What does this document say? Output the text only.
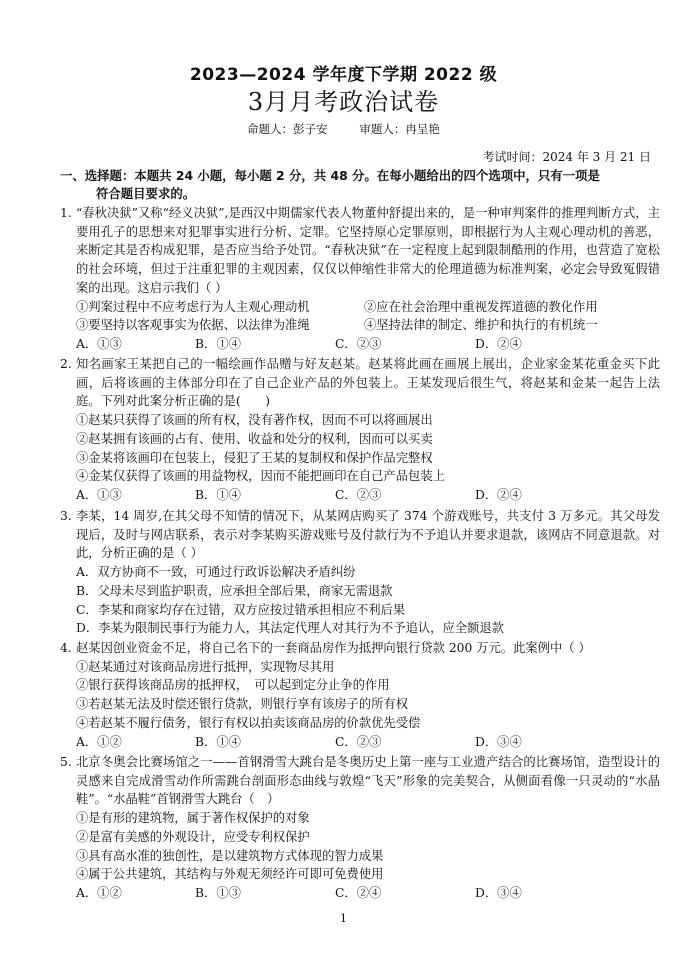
2023—2024 学年度下学期 2022 级
3月月考政治试卷
命题人：彭子安	审题人：冉呈艳
考试时间：2024 年 3 月 21 日
一、选择题：本题共 24 小题，每小题 2 分，共 48 分。在每小题给出的四个选项中，只有一项是
符合题目要求的。
1. “春秋决狱”又称“经义决狱”,是西汉中期儒家代表人物董仲舒提出来的，是一种审判案件的推理判断方式，主要用孔子的思想来对犯罪事实进行分析、定罪。它坚持原心定罪原则，即根据行为人主观心理动机的善恶，来断定其是否构成犯罪，是否应当给予处罚。“春秋决狱”在一定程度上起到限制酷刑的作用，也营造了宽松的社会环境，但过于注重犯罪的主观因素，仅仅以伸缩性非常大的伦理道德为标准判案，必定会导致冤假错案的出现。这启示我们（ ）
①判案过程中不应考虑行为人主观心理动机	②应在社会治理中重视发挥道德的教化作用
③要坚持以客观事实为依据、以法律为准绳	④坚持法律的制定、维护和执行的有机统一
A．①③	B．①④	C．②③	D．②④
2. 知名画家王某把自己的一幅绘画作品赠与好友赵某。赵某将此画在画展上展出，企业家金某花重金买下此画，后将该画的主体部分印在了自己企业产品的外包装上。王某发现后很生气，将赵某和金某一起告上法庭。下列对此案分析正确的是(　　)
①赵某只获得了该画的所有权，没有著作权，因而不可以将画展出
②赵某拥有该画的占有、使用、收益和处分的权利，因而可以买卖
③金某将该画印在包装上，侵犯了王某的复制权和保护作品完整权
④金某仅获得了该画的用益物权，因而不能把画印在自己产品包装上
A．①③	B．①④	C．②③	D．②④
3. 李某，14 周岁,在其父母不知情的情况下，从某网店购买了 374 个游戏账号，共支付 3 万多元。其父母发现后，及时与网店联系，表示对李某购买游戏账号及付款行为不予追认并要求退款，该网店不同意退款。对此，分析正确的是（ ）
A．双方协商不一致，可通过行政诉讼解决矛盾纠纷
B．父母未尽到监护职责，应承担全部后果，商家无需退款
C．李某和商家均存在过错，双方应按过错承担相应不利后果
D．李某为限制民事行为能力人，其法定代理人对其行为不予追认，应全额退款
4. 赵某因创业资金不足，将自己名下的一套商品房作为抵押向银行贷款 200 万元。此案例中（ ）
①赵某通过对该商品房进行抵押，实现物尽其用
②银行获得该商品房的抵押权，　可以起到定分止争的作用
③若赵某无法及时偿还银行贷款，则银行享有该房子的所有权
④若赵某不履行债务，银行有权以拍卖该商品房的价款优先受偿
A．①②	B．①④	C．②③	D．③④
5. 北京冬奥会比赛场馆之一——首钢滑雪大跳台是冬奥历史上第一座与工业遗产结合的比赛场馆，造型设计的灵感来自完成滑雪动作所需跳台剖面形态曲线与敦煌“飞天”形象的完美契合，从侧面看像一只灵动的“水晶鞋”。“水晶鞋”首钢滑雪大跳台（　）
①是有形的建筑物，属于著作权保护的对象
②是富有美感的外观设计，应受专利权保护
③具有高水准的独创性，是以建筑物方式体现的智力成果
④属于公共建筑，其结构与外观无须经许可即可免费使用
A．①②	B．①③	C．②④	D．③④
1
